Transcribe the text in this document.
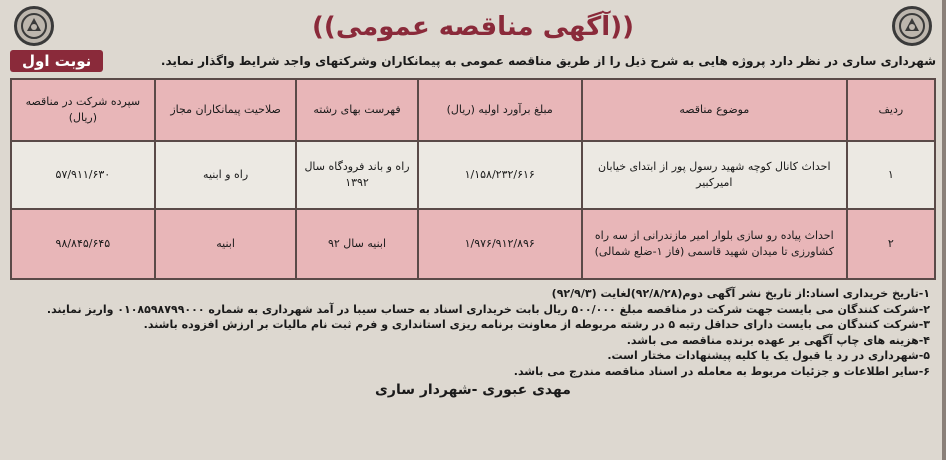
((آگهی مناقصه عمومی))
شهرداری ساری در نظر دارد پروژه هایی به شرح ذیل را از طریق مناقصه عمومی به پیمانکاران وشرکتهای واجد شرایط واگذار نماید.
نوبت اول
ردیف	موضوع مناقصه	مبلغ برآورد اولیه (ریال)	فهرست بهای رشته	صلاحیت پیمانکاران مجاز	سپرده شرکت در مناقصه (ریال)
۱	احداث کانال کوچه شهید رسول پور از ابتدای خیابان امیرکبیر	۱/۱۵۸/۲۳۲/۶۱۶	راه و باند فرودگاه سال ۱۳۹۲	راه و ابنیه	۵۷/۹۱۱/۶۳۰
۲	احداث پیاده رو سازی بلوار امیر مازندرانی از سه راه کشاورزی تا میدان شهید قاسمی (فاز ۱-ضلع شمالی)	۱/۹۷۶/۹۱۲/۸۹۶	ابنیه سال ۹۲	ابنیه	۹۸/۸۴۵/۶۴۵
۱-تاریخ خریداری اسناد:از تاریخ نشر آگهی دوم(۹۲/۸/۲۸)لغایت (۹۲/۹/۳)
۲-شرکت کنندگان می بایست جهت شرکت در مناقصه مبلغ ۵۰۰/۰۰۰ ریال بابت خریداری اسناد به حساب سیبا در آمد شهرداری به شماره ۰۱۰۸۵۹۸۷۹۹۰۰۰ واریز نمایند.
۳-شرکت کنندگان می بایست دارای حداقل رتبه ۵ در رشته مربوطه از معاونت برنامه ریزی استانداری و فرم ثبت نام مالیات بر ارزش افزوده باشند.
۴-هزینه های چاپ آگهی بر عهده برنده مناقصه می باشد.
۵-شهرداری در رد یا قبول یک یا کلیه پیشنهادات مختار است.
۶-سایر اطلاعات و جزئیات مربوط به معامله در اسناد مناقصه مندرج می باشد.
مهدی عبوری -شهردار ساری
